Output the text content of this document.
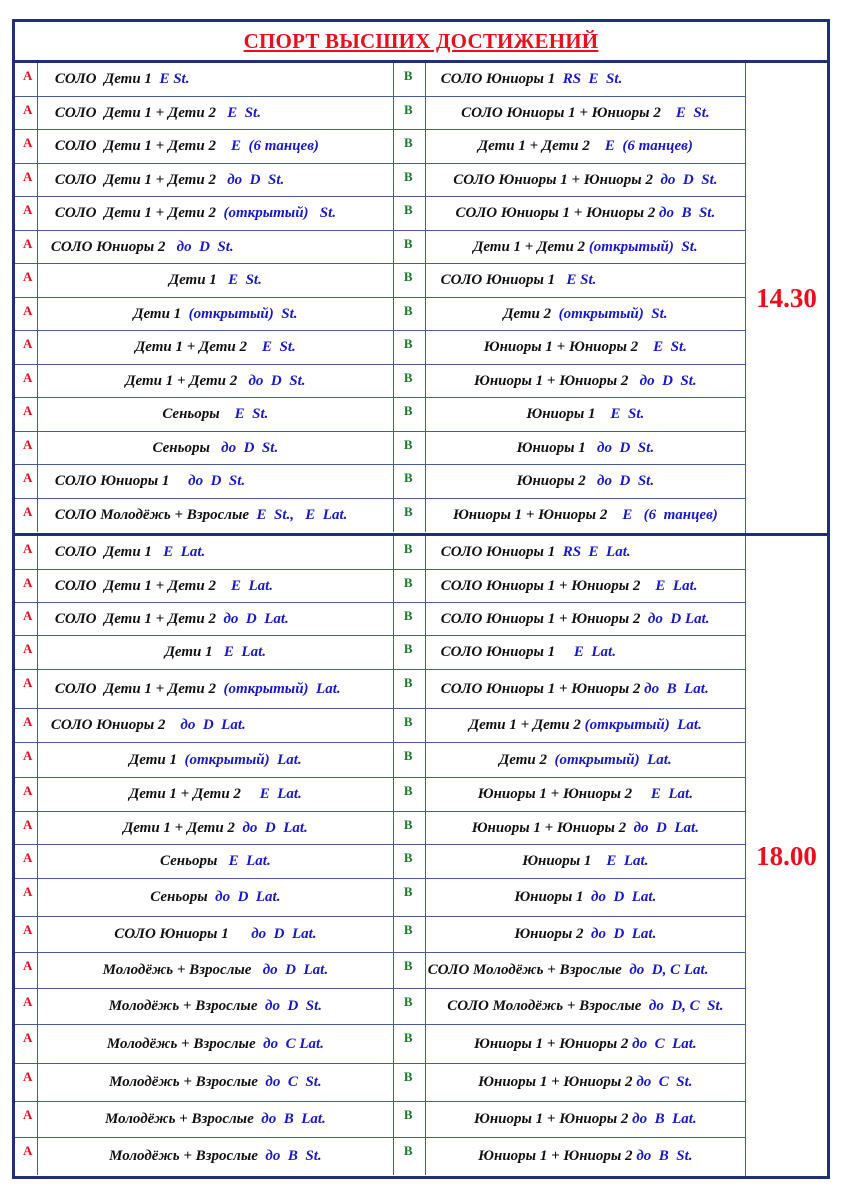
СПОРТ ВЫСШИХ ДОСТИЖЕНИЙ
A	СОЛО  Дети 1 E St.	B	СОЛО Юниоры 1 RS  E  St.
A	СОЛО  Дети 1 + Дети 2 E  St.	B	СОЛО Юниоры 1 + Юниоры 2 E  St.
A	СОЛО  Дети 1 + Дети 2 E  (6 танцев)	B	Дети 1 + Дети 2 E  (6 танцев)
A	СОЛО  Дети 1 + Дети 2 до  D  St.	B	СОЛО Юниоры 1 + Юниоры 2 до  D  St.
A	СОЛО  Дети 1 + Дети 2 (открытый)   St.	B	СОЛО Юниоры 1 + Юниоры 2 до  B  St.
A	СОЛО Юниоры 2 до  D  St.	B	Дети 1 + Дети 2 (открытый)  St.
A	Дети 1 E  St.	B	СОЛО Юниоры 1 E St.
A	Дети 1 (открытый)  St.	B	Дети 2 (открытый)  St.
A	Дети 1 + Дети 2 E  St.	B	Юниоры 1 + Юниоры 2 E  St.
A	Дети 1 + Дети 2 до  D  St.	B	Юниоры 1 + Юниоры 2 до  D  St.
A	Сеньоры E  St.	B	Юниоры 1 E  St.
A	Сеньоры до  D  St.	B	Юниоры 1 до  D  St.
A	СОЛО Юниоры 1 до  D  St.	B	Юниоры 2 до  D  St.
A	СОЛО Молодёжь + Взрослые E  St.,   E  Lat.	B	Юниоры 1 + Юниоры 2 E   (6  танцев)
14.30
A	СОЛО  Дети 1 E  Lat.	B	СОЛО Юниоры 1 RS  E  Lat.
A	СОЛО  Дети 1 + Дети 2 E  Lat.	B	СОЛО Юниоры 1 + Юниоры 2 E  Lat.
A	СОЛО  Дети 1 + Дети 2 до  D  Lat.	B	СОЛО Юниоры 1 + Юниоры 2 до  D Lat.
A	Дети 1 E  Lat.	B	СОЛО Юниоры 1 E  Lat.
A	СОЛО  Дети 1 + Дети 2 (открытый)  Lat.	B	СОЛО Юниоры 1 + Юниоры 2 до  B  Lat.
A	СОЛО Юниоры 2 до  D  Lat.	B	Дети 1 + Дети 2 (открытый)  Lat.
A	Дети 1 (открытый)  Lat.	B	Дети 2 (открытый)  Lat.
A	Дети 1 + Дети 2 E  Lat.	B	Юниоры 1 + Юниоры 2 E  Lat.
A	Дети 1 + Дети 2 до  D  Lat.	B	Юниоры 1 + Юниоры 2 до  D  Lat.
A	Сеньоры E  Lat.	B	Юниоры 1 E  Lat.
A	Сеньоры до  D  Lat.	B	Юниоры 1 до  D  Lat.
A	СОЛО Юниоры 1 до  D  Lat.	B	Юниоры 2 до  D  Lat.
A	Молодёжь + Взрослые до  D  Lat.	B	СОЛО Молодёжь + Взрослые до  D, C Lat.
A	Молодёжь + Взрослые до  D  St.	B	СОЛО Молодёжь + Взрослые до  D, C  St.
A	Молодёжь + Взрослые до  C Lat.	B	Юниоры 1 + Юниоры 2 до  C  Lat.
A	Молодёжь + Взрослые до  C  St.	B	Юниоры 1 + Юниоры 2 до  C  St.
A	Молодёжь + Взрослые до  B  Lat.	B	Юниоры 1 + Юниоры 2 до  B  Lat.
A	Молодёжь + Взрослые до  B  St.	B	Юниоры 1 + Юниоры 2 до  B  St.
18.00
